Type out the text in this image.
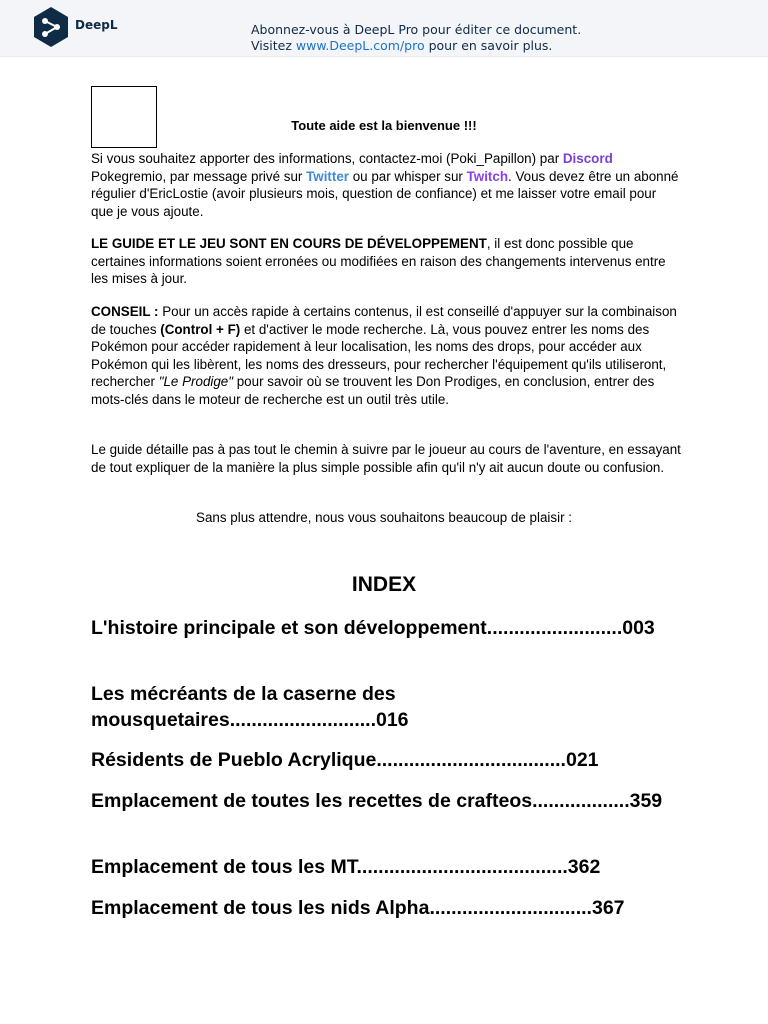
DeepL	Abonnez-vous à DeepL Pro pour éditer ce document.
Visitez www.DeepL.com/pro pour en savoir plus.
Toute aide est la bienvenue !!!
Si vous souhaitez apporter des informations, contactez-moi (Poki_Papillon) par Discord Pokegremio, par message privé sur Twitter ou par whisper sur Twitch. Vous devez être un abonné régulier d'EricLostie (avoir plusieurs mois, question de confiance) et me laisser votre email pour que je vous ajoute.
LE GUIDE ET LE JEU SONT EN COURS DE DÉVELOPPEMENT, il est donc possible que certaines informations soient erronées ou modifiées en raison des changements intervenus entre les mises à jour.
CONSEIL : Pour un accès rapide à certains contenus, il est conseillé d'appuyer sur la combinaison de touches (Control + F) et d'activer le mode recherche. Là, vous pouvez entrer les noms des Pokémon pour accéder rapidement à leur localisation, les noms des drops, pour accéder aux Pokémon qui les libèrent, les noms des dresseurs, pour rechercher l'équipement qu'ils utiliseront, rechercher "Le Prodige" pour savoir où se trouvent les Don Prodiges, en conclusion, entrer des mots-clés dans le moteur de recherche est un outil très utile.
Le guide détaille pas à pas tout le chemin à suivre par le joueur au cours de l'aventure, en essayant de tout expliquer de la manière la plus simple possible afin qu'il n'y ait aucun doute ou confusion.
Sans plus attendre, nous vous souhaitons beaucoup de plaisir :
INDEX
L'histoire principale et son développement.........................003
Les mécréants de la caserne des mousquetaires...........................016
Résidents de Pueblo Acrylique...................................021
Emplacement de toutes les recettes de crafteos..................359
Emplacement de tous les MT.......................................362
Emplacement de tous les nids Alpha..............................367
